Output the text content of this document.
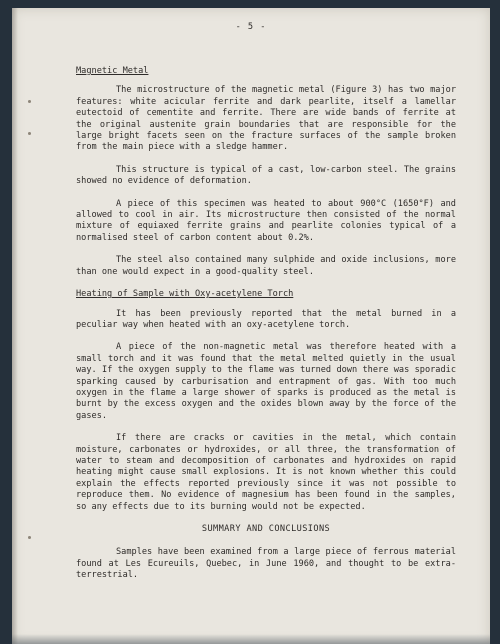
- 5 -
Magnetic Metal

The microstructure of the magnetic metal (Figure 3) has two major features: white acicular ferrite and dark pearlite, itself a lamellar eutectoid of cementite and ferrite. There are wide bands of ferrite at the original austenite grain boundaries that are responsible for the large bright facets seen on the fracture surfaces of the sample broken from the main piece with a sledge hammer.

This structure is typical of a cast, low-carbon steel. The grains showed no evidence of deformation.

A piece of this specimen was heated to about 900°C (1650°F) and allowed to cool in air. Its microstructure then consisted of the normal mixture of equiaxed ferrite grains and pearlite colonies typical of a normalised steel of carbon content about 0.2%.

The steel also contained many sulphide and oxide inclusions, more than one would expect in a good-quality steel.

Heating of Sample with Oxy-acetylene Torch

It has been previously reported that the metal burned in a peculiar way when heated with an oxy-acetylene torch.

A piece of the non-magnetic metal was therefore heated with a small torch and it was found that the metal melted quietly in the usual way. If the oxygen supply to the flame was turned down there was sporadic sparking caused by carburisation and entrapment of gas. With too much oxygen in the flame a large shower of sparks is produced as the metal is burnt by the excess oxygen and the oxides blown away by the force of the gases.

If there are cracks or cavities in the metal, which contain moisture, carbonates or hydroxides, or all three, the transformation of water to steam and decomposition of carbonates and hydroxides on rapid heating might cause small explosions. It is not known whether this could explain the effects reported previously since it was not possible to reproduce them. No evidence of magnesium has been found in the samples, so any effects due to its burning would not be expected.

SUMMARY AND CONCLUSIONS

Samples have been examined from a large piece of ferrous material found at Les Ecureuils, Quebec, in June 1960, and thought to be extra-terrestrial.
